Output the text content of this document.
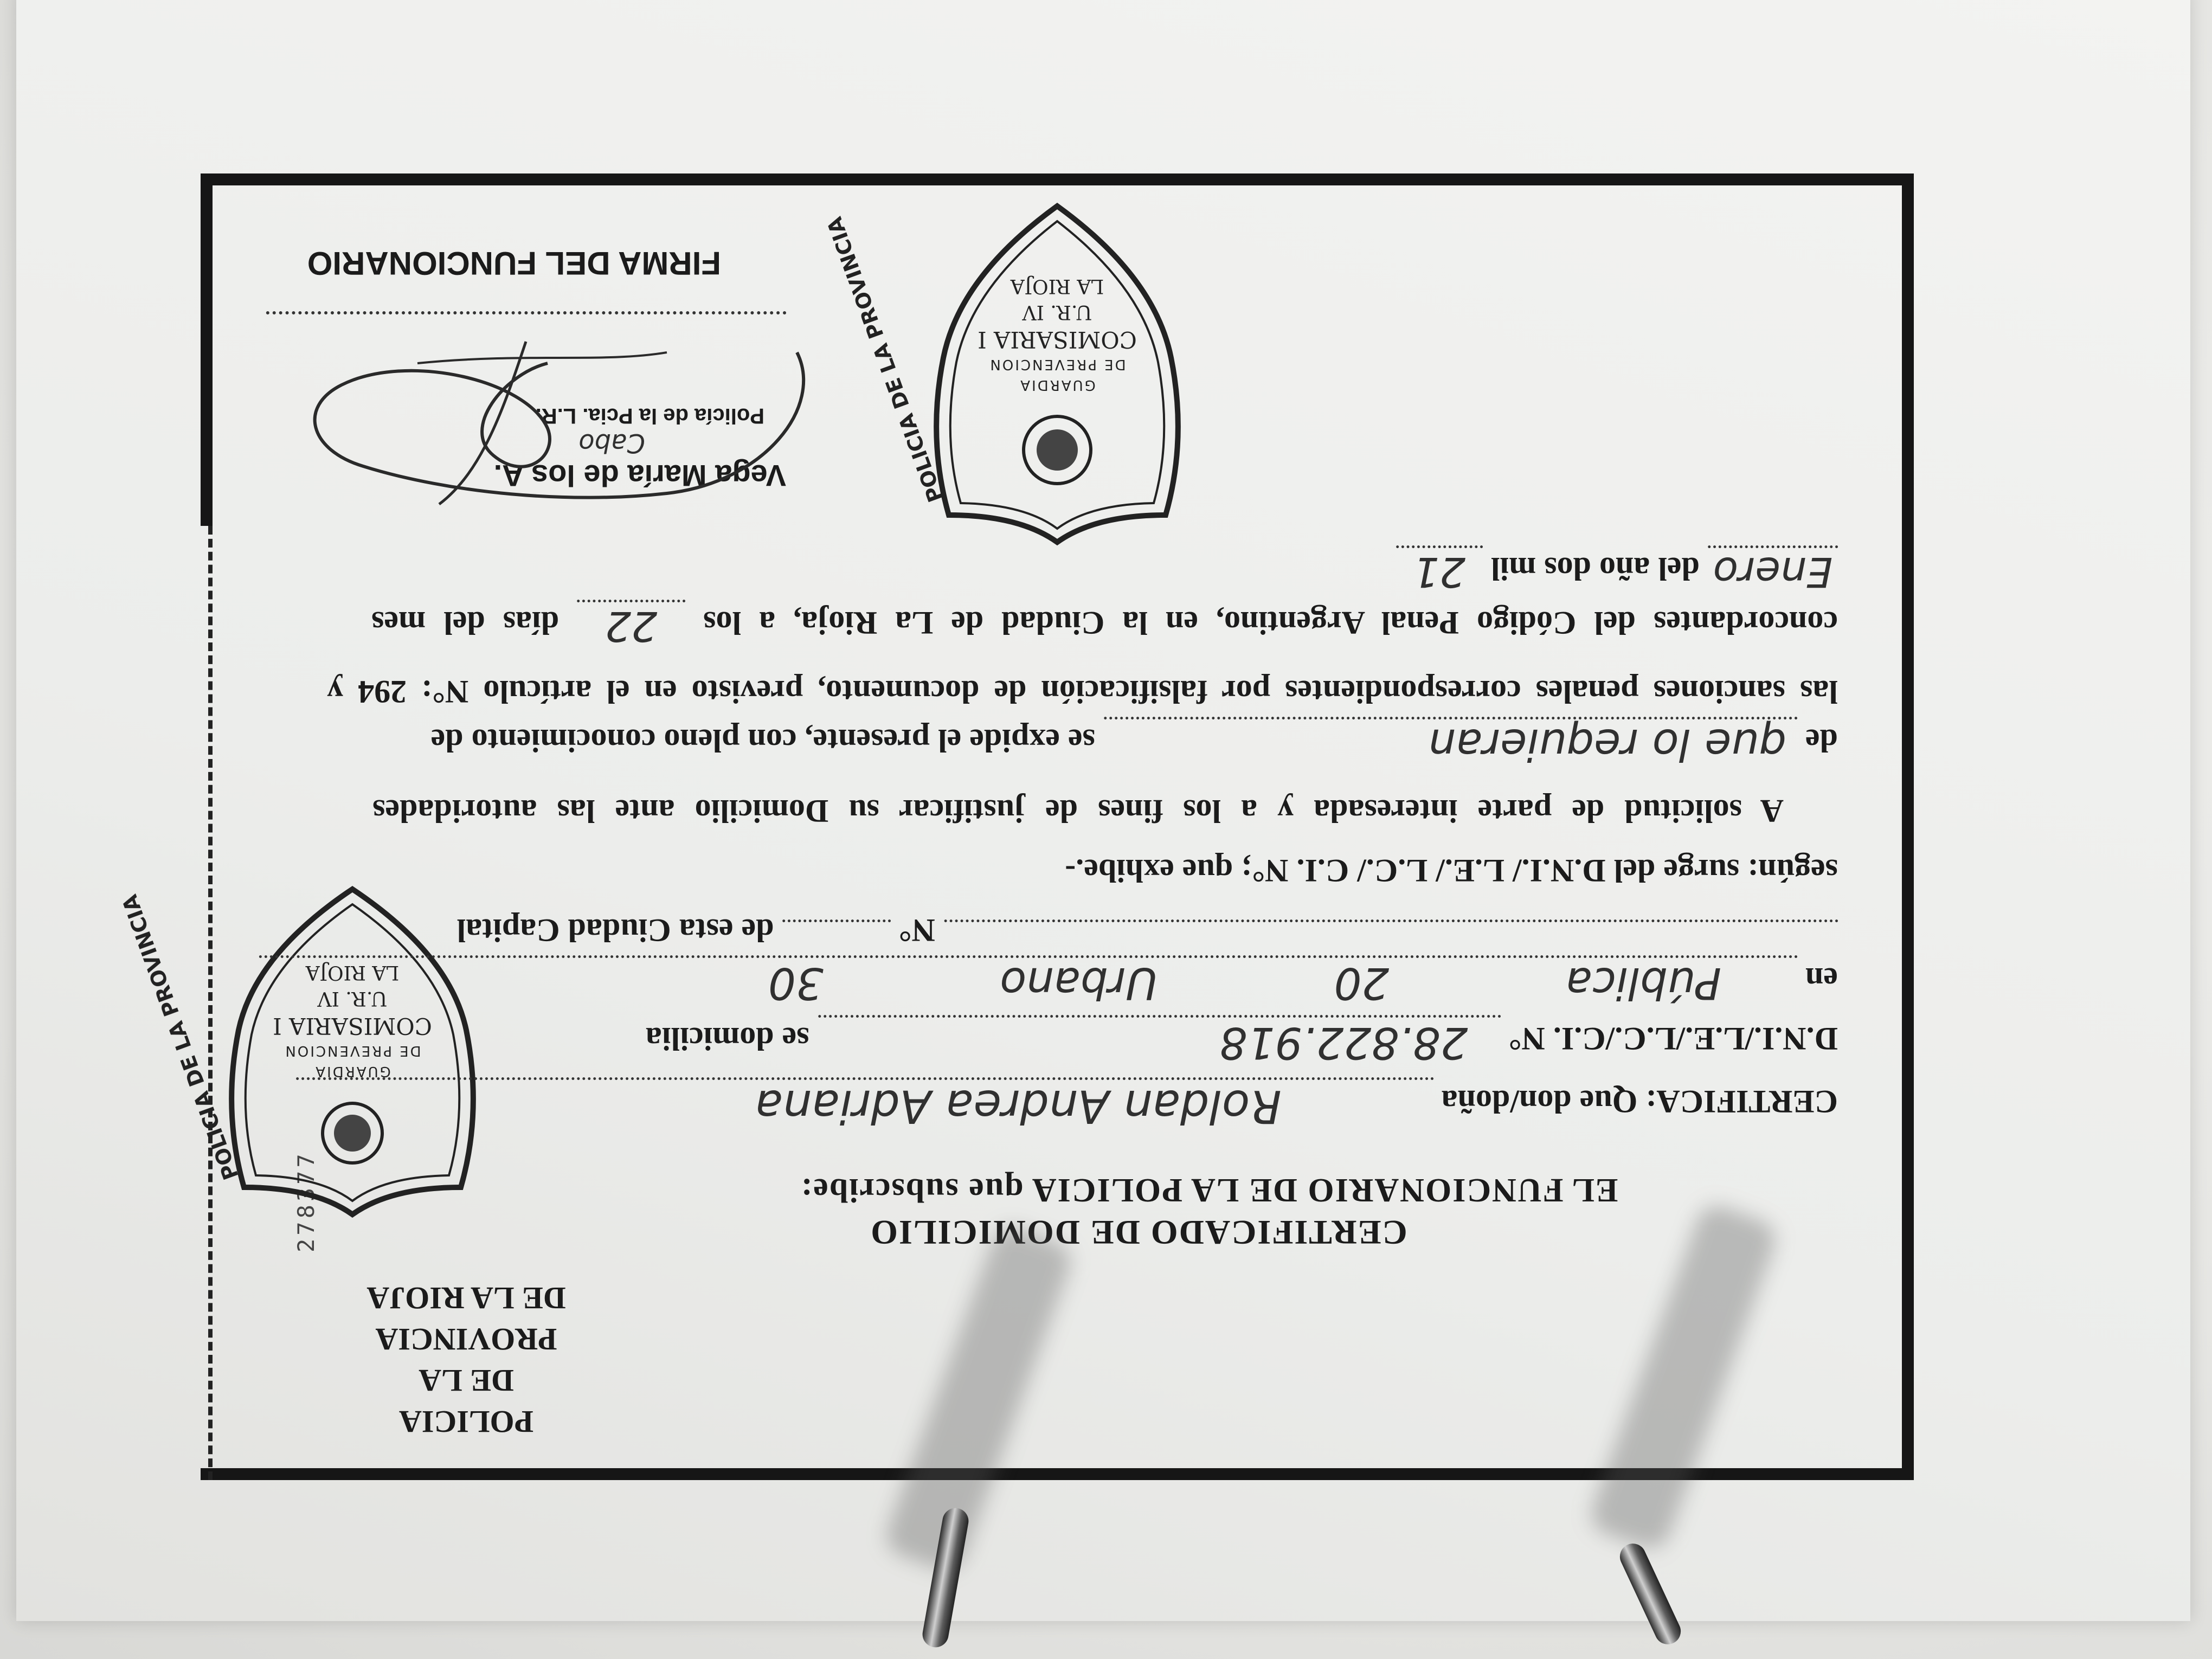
POLICIA
DE LA PROVINCIA
DE LA RIOJA
278377
GUARDIA
DE PREVENCION
COMISARIA I
U.R. IV
LA RIOJA
POLICIA DE LA PROVINCIA
CERTIFICADO DE DOMICILIO
EL FUNCIONARIO DE LA POLICIA que subscribe:
CERTIFICA: Que don/doña Roldan Andrea Adriana
D.N.I./L.E./L.C./C.I. N° 28.822.918 se domicilia
en Pública 20 Urbano 30
N°  de esta Ciudad Capital
según: surge del D.N.I./ L.E./ L.C./ C.I. N°; que exhibe.-
A solicitud de parte interesada y a los fines de justificar su Domicilio ante las autoridades
de que lo requieran se expide el presente, con pleno conocimiento de
las sanciones penales correspondientes por falsificación de documento, previsto en el artículo N°: 294 y
concordantes del Código Penal Argentino, en la Ciudad de La Rioja, a los 22 días del mes
Enero del año dos mil 21
GUARDIA
DE PREVENCION
COMISARIA I
U.R. IV
LA RIOJA
POLICIA DE LA PROVINCIA
Vega María de los A.
Cabo
Policía de la Pcia. L.R.
FIRMA DEL FUNCIONARIO
